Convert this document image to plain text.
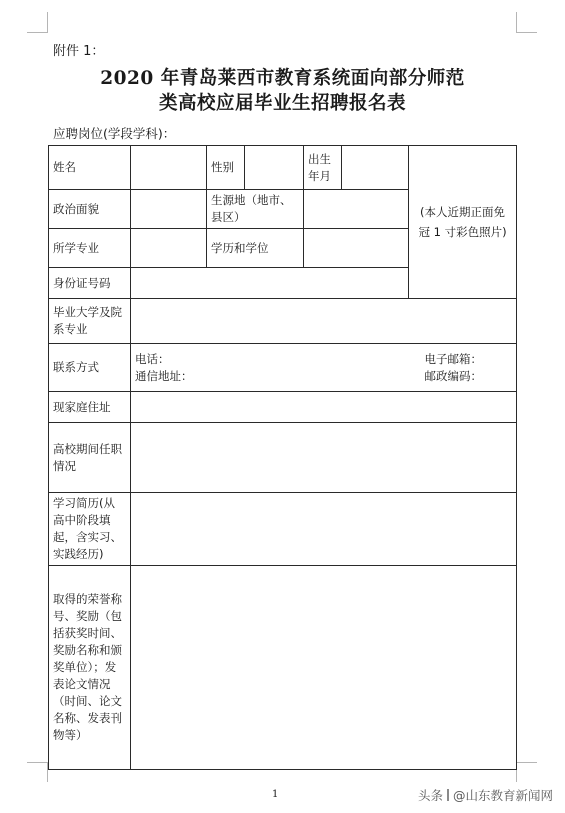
附件 1：
2020 年青岛莱西市教育系统面向部分师范
类高校应届毕业生招聘报名表
应聘岗位(学段学科)：
姓名		性别		出生年月		(本人近期正面免冠 1 寸彩色照片)
政治面貌		生源地（地市、县区）				
所学专业		学历和学位				
身份证号码						
毕业大学及院系专业						
联系方式	电话： 电子邮箱：
通信地址： 邮政编码：					

现家庭住址						
高校期间任职情况						
学习简历(从高中阶段填起，含实习、实践经历)						
取得的荣誉称号、奖励（包括获奖时间、奖励名称和颁奖单位）；发表论文情况（时间、论文名称、发表刊物等）						
1	头条 @山东教育新闻网
